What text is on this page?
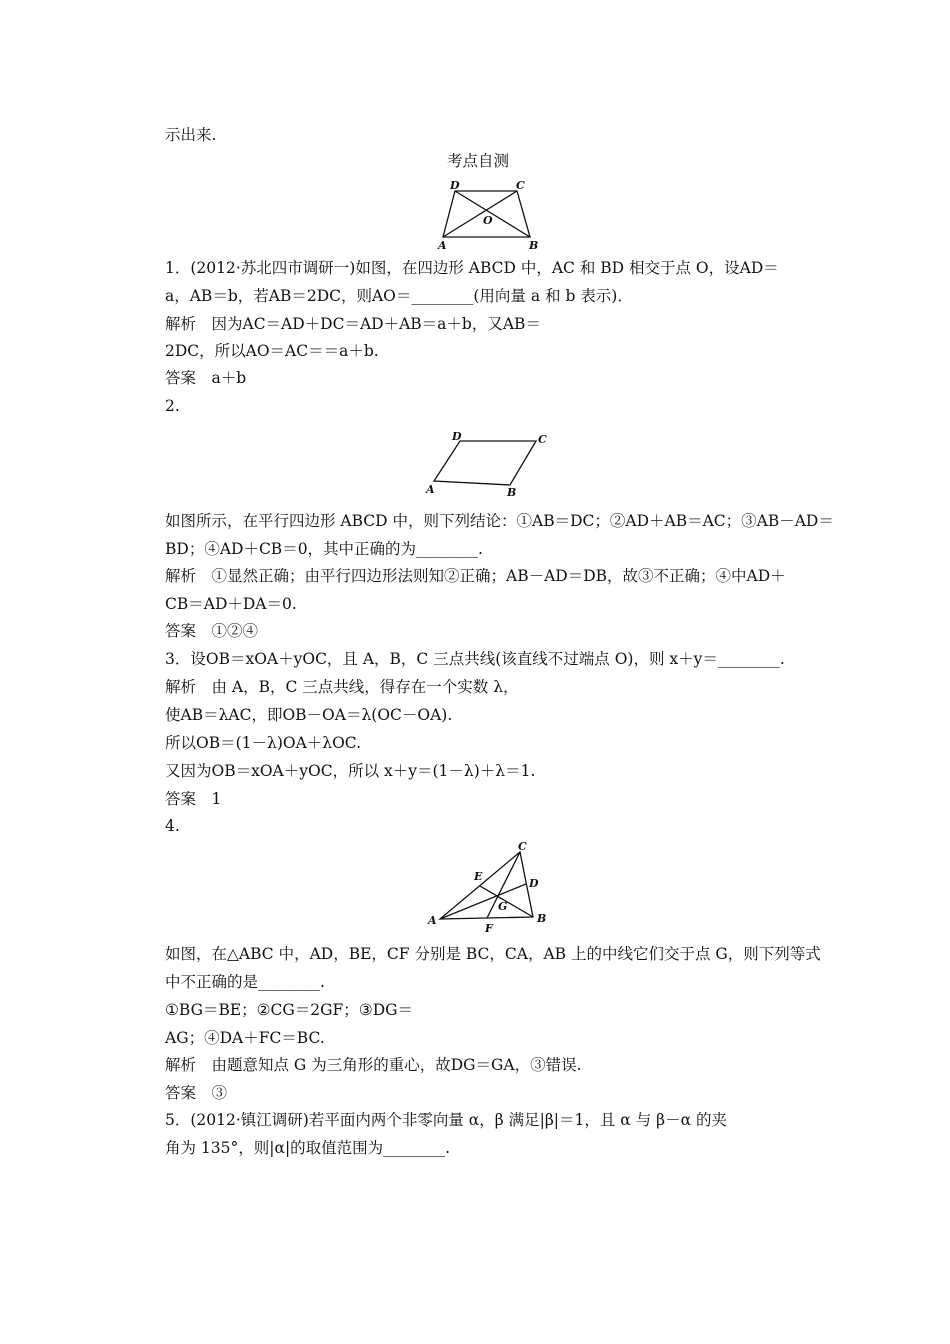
示出来.
考点自测
D	C
A	B
O
1．(2012·苏北四市调研一)如图，在四边形 ABCD 中，AC 和 BD 相交于点 O，设AD＝
a，AB＝b，若AB＝2DC，则AO＝________(用向量 a 和 b 表示)．
解析　因为AC＝AD＋DC＝AD＋AB＝a＋b，又AB＝
2DC，所以AO＝AC＝＝a＋b.
答案　a＋b
2.
D	C
A	B
如图所示，在平行四边形 ABCD 中，则下列结论：①AB＝DC；②AD＋AB＝AC；③AB－AD＝
BD；④AD＋CB＝0，其中正确的为________.
解析　①显然正确；由平行四边形法则知②正确；AB－AD＝DB，故③不正确；④中AD＋
CB＝AD＋DA＝0.
答案　①②④
3．设OB＝xOA＋yOC，且 A，B，C 三点共线(该直线不过端点 O)，则 x＋y＝________.
解析　由 A，B，C 三点共线，得存在一个实数 λ，
使AB＝λAC，即OB－OA＝λ(OC－OA).
所以OB＝(1－λ)OA＋λOC.
又因为OB＝xOA＋yOC，所以 x＋y＝(1－λ)＋λ＝1.
答案　1
4.
C
E
D
G
A	B
F
如图，在△ABC 中，AD，BE，CF 分别是 BC，CA，AB 上的中线它们交于点 G，则下列等式
中不正确的是________.
①BG＝BE；②CG＝2GF；③DG＝
AG；④DA＋FC＝BC.
解析　由题意知点 G 为三角形的重心，故DG＝GA，③错误.
答案　③
5．(2012·镇江调研)若平面内两个非零向量 α，β 满足|β|＝1，且 α 与 β－α 的夹
角为 135°，则|α|的取值范围为________.
